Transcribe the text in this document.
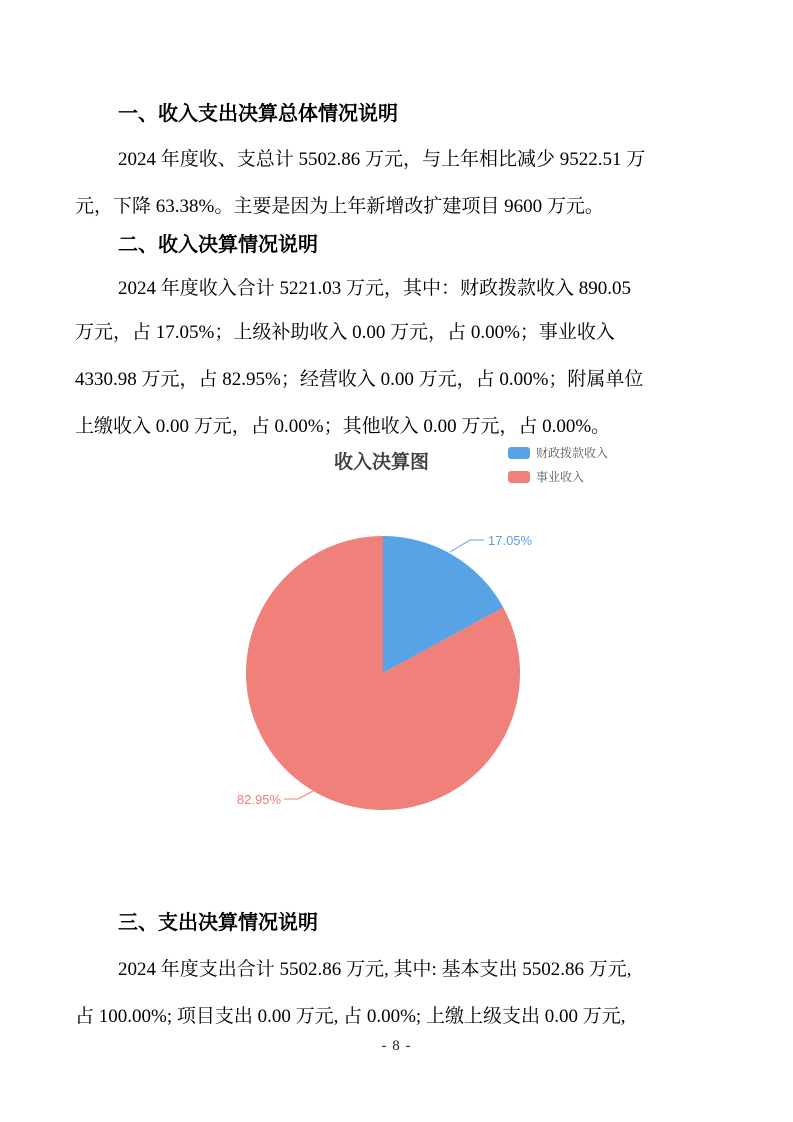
一、收入支出决算总体情况说明
2024 年度收、支总计 5502.86 万元，与上年相比减少 9522.51 万
元，下降 63.38%。主要是因为上年新增改扩建项目 9600 万元。
二、收入决算情况说明
2024 年度收入合计 5221.03 万元，其中：财政拨款收入 890.05
万元，占 17.05%；上级补助收入 0.00 万元，占 0.00%；事业收入
4330.98 万元，占 82.95%；经营收入 0.00 万元，占 0.00%；附属单位
上缴收入 0.00 万元，占 0.00%；其他收入 0.00 万元，占 0.00%。
收入决算图	财政拨款收入
事业收入
17.05%
82.95%
三、支出决算情况说明
2024 年度支出合计 5502.86 万元, 其中: 基本支出 5502.86 万元,
占 100.00%; 项目支出 0.00 万元, 占 0.00%; 上缴上级支出 0.00 万元,
- 8 -
